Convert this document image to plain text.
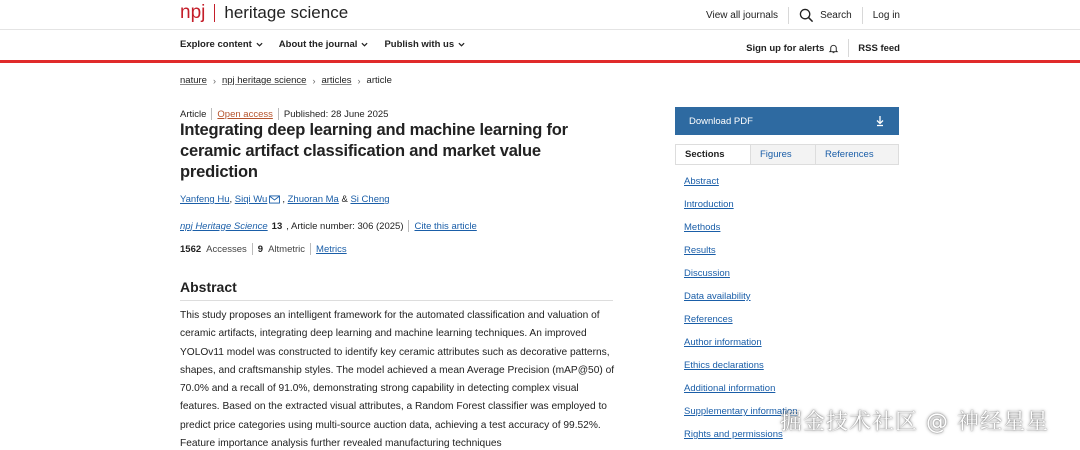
npj heritage science	View all journals	Search Log in
Explore content	About the journal	Publish with us	Sign up for alerts	RSS feed
nature › npj heritage science › articles › article
Article Open access Published: 28 June 2025
Integrating deep learning and machine learning for ceramic artifact classification and market value prediction
Yanfeng Hu ,
Siqi Wu ,
Zhuoran Ma
&
Si Cheng
npj Heritage Science 13 , Article number: 306 (2025) Cite this article
1562 Accesses 9 Altmetric Metrics
Abstract

This study proposes an intelligent framework for the automated classification and valuation of ceramic artifacts, integrating deep learning and machine learning techniques. An improved YOLOv11 model was constructed to identify key ceramic attributes such as decorative patterns, shapes, and craftsmanship styles. The model achieved a mean Average Precision (mAP@50) of 70.0% and a recall of 91.0%, demonstrating strong capability in detecting complex visual features. Based on the extracted visual attributes, a Random Forest classifier was employed to predict price categories using multi-source auction data, achieving a test accuracy of 99.52%. Feature importance analysis further revealed manufacturing techniques

Download PDF
Sections	Figures	References
Abstract
Introduction
Methods
Results
Discussion
Data availability
References
Author information
Ethics declarations
Additional information
Supplementary information
Rights and permissions
掘金技术社区 @ 神经星星
